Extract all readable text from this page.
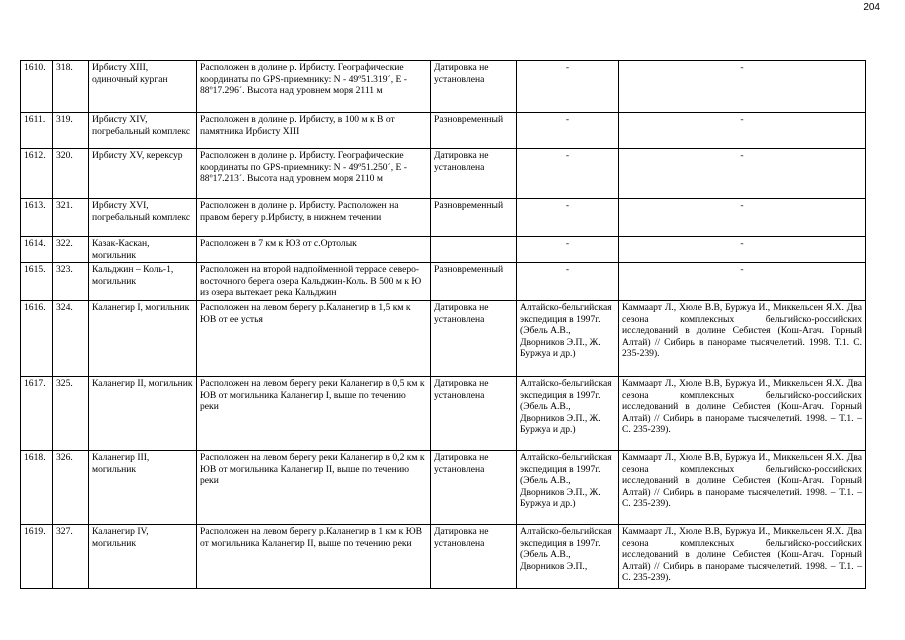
204
1610.	318.	Ирбисту XIII, одиночный курган	Расположен в долине р. Ирбисту. Географические координаты по GPS-приемнику: N - 49º51.319´, E - 88º17.296´. Высота над уровнем моря 2111 м	Датировка не установлена	-	-
1611.	319.	Ирбисту XIV, погребальный комплекс	Расположен в долине р. Ирбисту, в 100 м к В от памятника Ирбисту XIII	Разновременный	-	-
1612.	320.	Ирбисту XV, керексур	Расположен в долине р. Ирбисту. Географические координаты по GPS-приемнику: N - 49º51.250´, E - 88º17.213´. Высота над уровнем моря 2110 м	Датировка не установлена	-	-
1613.	321.	Ирбисту XVI, погребальный комплекс	Расположен в долине р. Ирбисту. Расположен на правом берегу р.Ирбисту, в нижнем течении	Разновременный	-	-
1614.	322.	Казак-Каскан, могильник	Расположен в 7 км к ЮЗ от с.Ортолык		-	-
1615.	323.	Кальджин – Коль-1, могильник	Расположен на второй надпойменной террасе северо-восточного берега озера Кальджин-Коль. В 500 м к Ю из озера вытекает река Кальджин	Разновременный	-	-
1616.	324.	Каланегир I, могильник	Расположен на левом берегу р.Каланегир в 1,5 км к ЮВ от ее устья	Датировка не установлена	Алтайско-бельгийская экспедиция в 1997г. (Эбель А.В., Дворников Э.П., Ж. Буржуа и др.)	Каммаарт Л., Хюле В.В, Буржуа И., Миккельсен Я.Х. Два сезона комплексных бельгийско-российских исследований в долине Себистея (Кош-Агач. Горный Алтай) // Сибирь в панораме тысячелетий. 1998. Т.1. С. 235-239).
1617.	325.	Каланегир II, могильник	Расположен на левом берегу реки Каланегир в 0,5 км к ЮВ от могильника Каланегир I, выше по течению реки	Датировка не установлена	Алтайско-бельгийская экспедиция в 1997г. (Эбель А.В., Дворников Э.П., Ж. Буржуа и др.)	Каммаарт Л., Хюле В.В, Буржуа И., Миккельсен Я.Х. Два сезона комплексных бельгийско-российских исследований в долине Себистея (Кош-Агач. Горный Алтай) // Сибирь в панораме тысячелетий. 1998. – Т.1. – С. 235-239).
1618.	326.	Каланегир III, могильник	Расположен на левом берегу реки Каланегир в 0,2 км к ЮВ от могильника Каланегир II, выше по течению реки	Датировка не установлена	Алтайско-бельгийская экспедиция в 1997г. (Эбель А.В., Дворников Э.П., Ж. Буржуа и др.)	Каммаарт Л., Хюле В.В, Буржуа И., Миккельсен Я.Х. Два сезона комплексных бельгийско-российских исследований в долине Себистея (Кош-Агач. Горный Алтай) // Сибирь в панораме тысячелетий. 1998. – Т.1. – С. 235-239).
1619.	327.	Каланегир IV, могильник	Расположен на левом берегу р.Каланегир в 1 км к ЮВ от могильника Каланегир II, выше по течению реки	Датировка не установлена	Алтайско-бельгийская экспедиция в 1997г. (Эбель А.В., Дворников Э.П.,	Каммаарт Л., Хюле В.В, Буржуа И., Миккельсен Я.Х. Два сезона комплексных бельгийско-российских исследований в долине Себистея (Кош-Агач. Горный Алтай) // Сибирь в панораме тысячелетий. 1998. – Т.1. – С. 235-239).
